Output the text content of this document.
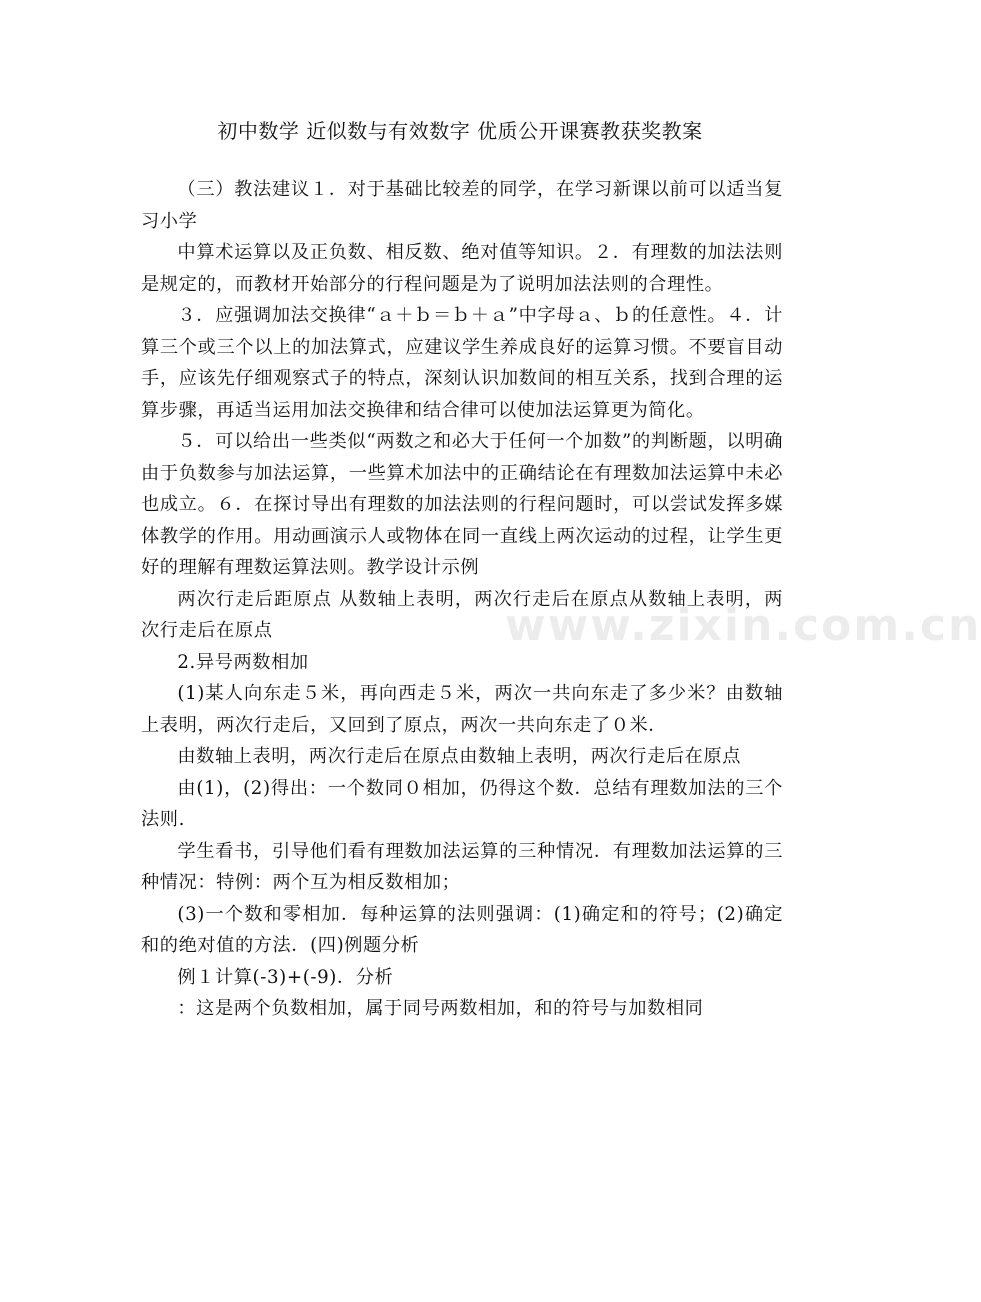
初中数学 近似数与有效数字 优质公开课赛教获奖教案

（三）教法建议１．对于基础比较差的同学，在学习新课以前可以适当复习小学

中算术运算以及正负数、相反数、绝对值等知识。２．有理数的加法法则是规定的，而教材开始部分的行程问题是为了说明加法法则的合理性。

３．应强调加法交换律“ａ＋ｂ＝ｂ＋ａ”中字母ａ、ｂ的任意性。４．计算三个或三个以上的加法算式，应建议学生养成良好的运算习惯。不要盲目动手，应该先仔细观察式子的特点，深刻认识加数间的相互关系，找到合理的运算步骤，再适当运用加法交换律和结合律可以使加法运算更为简化。

５．可以给出一些类似“两数之和必大于任何一个加数”的判断题，以明确由于负数参与加法运算，一些算术加法中的正确结论在有理数加法运算中未必也成立。６．在探讨导出有理数的加法法则的行程问题时，可以尝试发挥多媒体教学的作用。用动画演示人或物体在同一直线上两次运动的过程，让学生更好的理解有理数运算法则。教学设计示例

两次行走后距原点 从数轴上表明，两次行走后在原点从数轴上表明，两次行走后在原点

2.异号两数相加

(1)某人向东走５米，再向西走５米，两次一共向东走了多少米？由数轴上表明，两次行走后，又回到了原点，两次一共向东走了０米．

由数轴上表明，两次行走后在原点由数轴上表明，两次行走后在原点

由(1)，(2)得出：一个数同０相加，仍得这个数．总结有理数加法的三个法则.

学生看书，引导他们看有理数加法运算的三种情况．有理数加法运算的三种情况：特例：两个互为相反数相加；

(3)一个数和零相加．每种运算的法则强调：(1)确定和的符号；(2)确定和的绝对值的方法．(四)例题分析

例１计算(-3)+(-9)．分析

：这是两个负数相加，属于同号两数相加，和的符号与加数相同

www.zixin.com.cn
